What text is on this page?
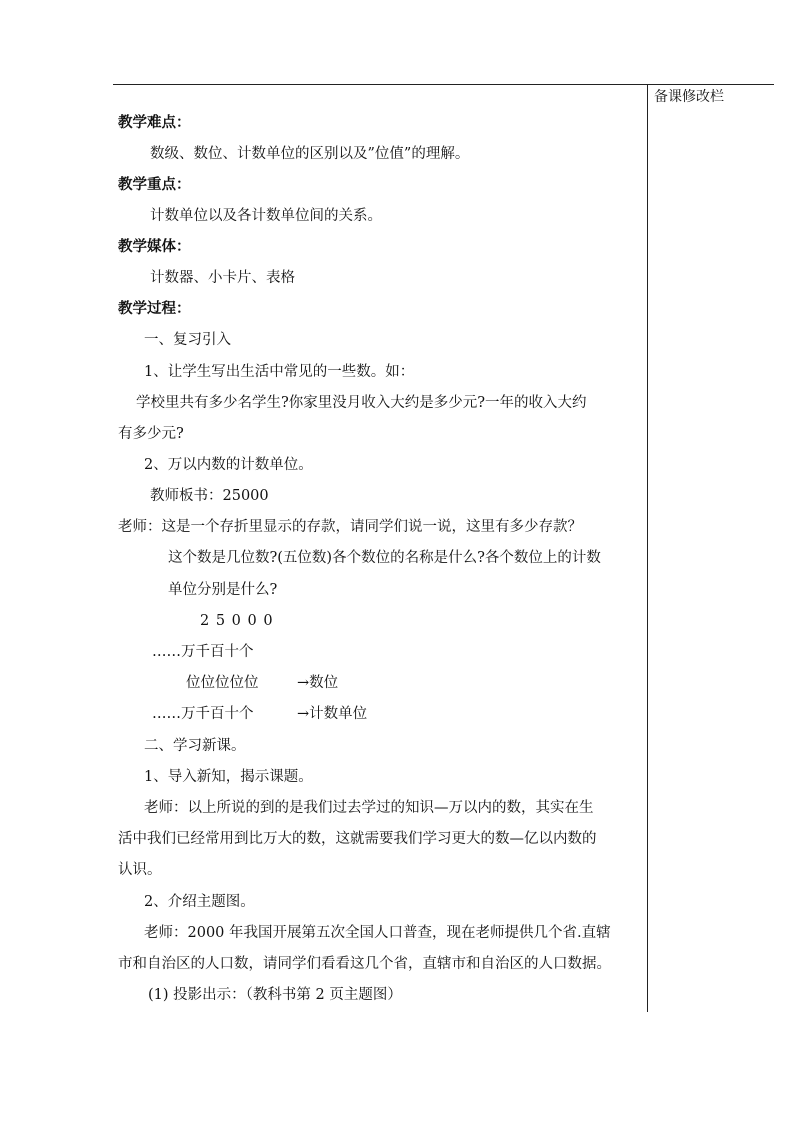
备课修改栏
教学难点：
数级、数位、计数单位的区别以及”位值”的理解。
教学重点：
计数单位以及各计数单位间的关系。
教学媒体：
计数器、小卡片、表格
教学过程：
一、复习引入
1、让学生写出生活中常见的一些数。如：
学校里共有多少名学生?你家里没月收入大约是多少元?一年的收入大约
有多少元?
2、万以内数的计数单位。
教师板书：25000
老师：这是一个存折里显示的存款，请同学们说一说，这里有多少存款？
这个数是几位数?(五位数)各个数位的名称是什么?各个数位上的计数
单位分别是什么?
2 5 0 0 0
……万千百十个
位位位位位	→数位
……万千百十个	→计数单位
二、学习新课。
1、导入新知，揭示课题。
老师：以上所说的到的是我们过去学过的知识—万以内的数，其实在生
活中我们已经常用到比万大的数，这就需要我们学习更大的数—亿以内数的
认识。
2、介绍主题图。
老师：2000 年我国开展第五次全国人口普查，现在老师提供几个省.直辖
市和自治区的人口数，请同学们看看这几个省，直辖市和自治区的人口数据。
(1) 投影出示：（教科书第 2 页主题图）
